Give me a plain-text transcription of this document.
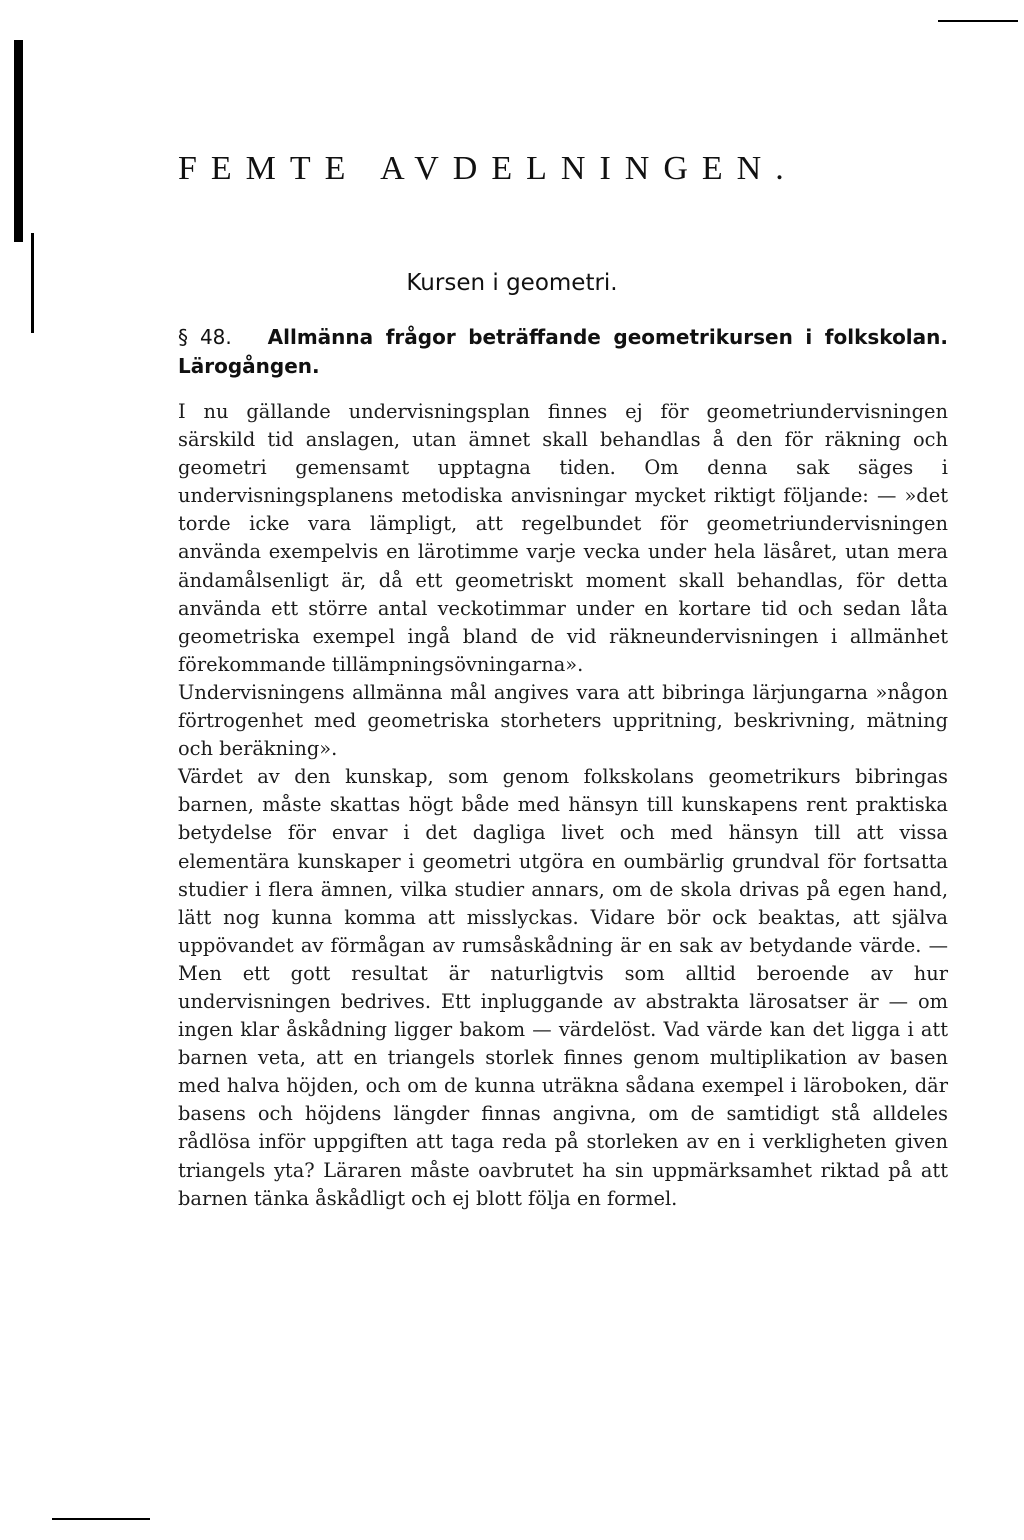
FEMTE AVDELNINGEN.
Kursen i geometri.
§ 48. Allmänna frågor beträffande geometrikursen i folkskolan. Lärogången.

I nu gällande undervisningsplan finnes ej för geometriundervisningen särskild tid anslagen, utan ämnet skall behandlas å den för räkning och geometri gemensamt upptagna tiden. Om denna sak säges i undervisningsplanens metodiska anvisningar mycket riktigt följande: — »det torde icke vara lämpligt, att regelbundet för geometriundervisningen använda exempelvis en lärotimme varje vecka under hela läsåret, utan mera ändamålsenligt är, då ett geometriskt moment skall behandlas, för detta använda ett större antal veckotimmar under en kortare tid och sedan låta geometriska exempel ingå bland de vid räkneundervisningen i allmänhet förekommande tillämpningsövningarna».

Undervisningens allmänna mål angives vara att bibringa lärjungarna »någon förtrogenhet med geometriska storheters uppritning, beskrivning, mätning och beräkning».

Värdet av den kunskap, som genom folkskolans geometrikurs bibringas barnen, måste skattas högt både med hänsyn till kunskapens rent praktiska betydelse för envar i det dagliga livet och med hänsyn till att vissa elementära kunskaper i geometri utgöra en oumbärlig grundval för fortsatta studier i flera ämnen, vilka studier annars, om de skola drivas på egen hand, lätt nog kunna komma att misslyckas. Vidare bör ock beaktas, att själva uppövandet av förmågan av rumsåskådning är en sak av betydande värde. — Men ett gott resultat är naturligtvis som alltid beroende av hur undervisningen bedrives. Ett inpluggande av abstrakta lärosatser är — om ingen klar åskådning ligger bakom — värdelöst. Vad värde kan det ligga i att barnen veta, att en triangels storlek finnes genom multiplikation av basen med halva höjden, och om de kunna uträkna sådana exempel i läroboken, där basens och höjdens längder finnas angivna, om de samtidigt stå alldeles rådlösa inför uppgiften att taga reda på storleken av en i verkligheten given triangels yta? Läraren måste oavbrutet ha sin uppmärksamhet riktad på att barnen tänka åskådligt och ej blott följa en formel.
